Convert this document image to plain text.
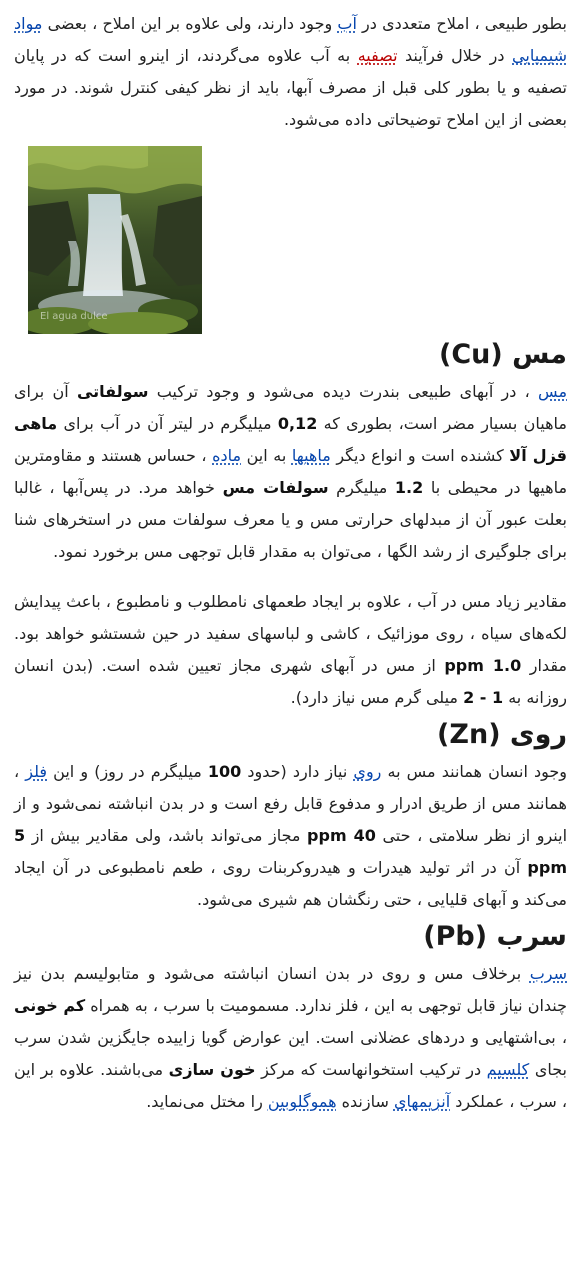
بطور طبیعی ، املاح متعددی در آب وجود دارند، ولی علاوه بر این املاح ، بعضی مواد شیمیایی در خلال فرآیند تصفیه به آب علاوه می‌گردند، از اینرو است که در پایان تصفیه و یا بطور کلی قبل از مصرف آبها، باید از نظر کیفی کنترل شوند. در مورد بعضی از این املاح توضیحاتی داده می‌شود.

El agua dulce
مس (Cu)

مس ، در آبهای طبیعی بندرت دیده می‌شود و وجود ترکیب سولفاتی آن برای ماهیان بسیار مضر است، بطوری که 0,12 میلیگرم در لیتر آن در آب برای ماهی قزل آلا کشنده است و انواع دیگر ماهیها به این ماده ، حساس هستند و مقاومترین ماهیها در محیطی با 1.2 میلیگرم سولفات مس خواهد مرد. در پس‌آبها ، غالبا بعلت عبور آن از مبدلهای حرارتی مس و یا معرف سولفات مس در استخرهای شنا برای جلوگیری از رشد الگها ، می‌توان به مقدار قابل توجهی مس برخورد نمود.

مقادیر زیاد مس در آب ، علاوه بر ایجاد طعمهای نامطلوب و نامطبوع ، باعث پیدایش لکه‌های سیاه ، روی موزائیک ، کاشی و لباسهای سفید در حین شستشو خواهد بود. مقدار ppm 1.0 از مس در آبهای شهری مجاز تعیین شده است. (بدن انسان روزانه به 1 - 2 میلی گرم مس نیاز دارد).

روی (Zn)

وجود انسان همانند مس به روی نیاز دارد (حدود 100 میلیگرم در روز) و این فلز ، همانند مس از طریق ادرار و مدفوع قابل رفع است و در بدن انباشته نمی‌شود و از اینرو از نظر سلامتی ، حتی 40 ppm مجاز می‌تواند باشد، ولی مقادیر بیش از 5 ppm آن در اثر تولید هیدرات و هیدروکربنات روی ، طعم نامطبوعی در آن ایجاد می‌کند و آبهای قلیایی ، حتی رنگشان هم شیری می‌شود.

سرب (Pb)

سرب برخلاف مس و روی در بدن انسان انباشته می‌شود و متابولیسم بدن نیز چندان نیاز قابل توجهی به این ، فلز ندارد. مسمومیت با سرب ، به همراه کم خونی ، بی‌اشتهایی و دردهای عضلانی است. این عوارض گویا زاییده جایگزین شدن سرب بجای کلسیم در ترکیب استخوانهاست که مرکز خون سازی می‌باشند. علاوه بر این ، سرب ، عملکرد آنزیمهای سازنده هموگلوبین را مختل می‌نماید.
